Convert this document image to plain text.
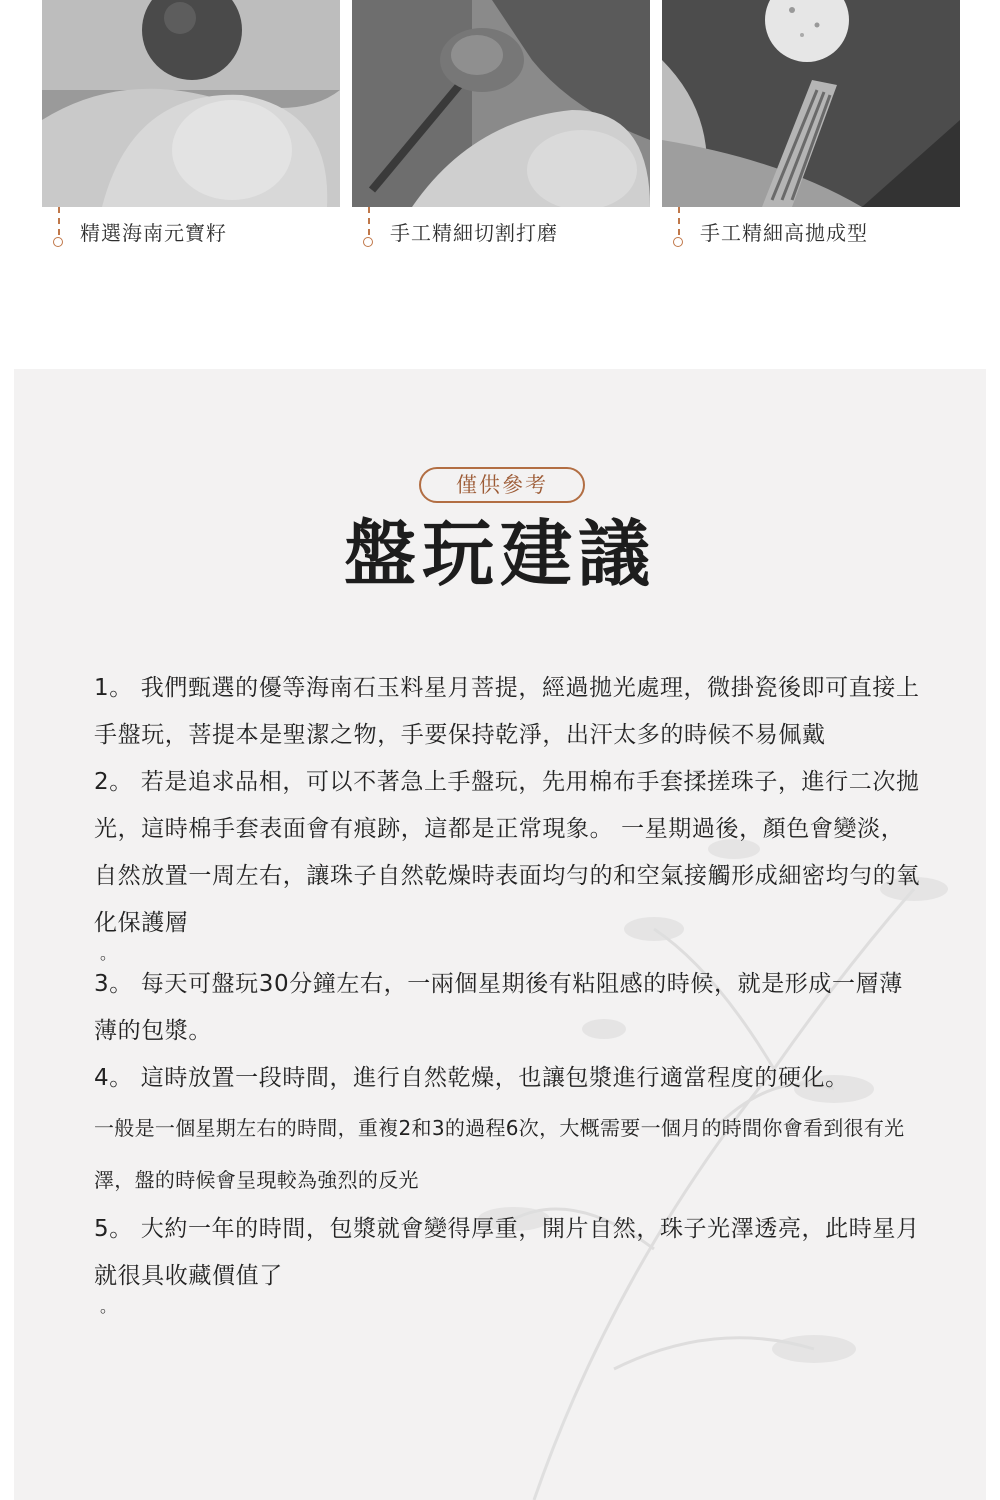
精選海南元寶籽	手工精細切割打磨	手工精細高拋成型
僅供參考
盤玩建議

1。 我們甄選的優等海南石玉料星月菩提，經過拋光處理，微掛瓷後即可直接上手盤玩，菩提本是聖潔之物，手要保持乾淨，出汗太多的時候不易佩戴

2。 若是追求品相，可以不著急上手盤玩，先用棉布手套揉搓珠子，進行二次拋光，這時棉手套表面會有痕跡，這都是正常現象。 一星期過後，顏色會變淡，自然放置一周左右，讓珠子自然乾燥時表面均勻的和空氣接觸形成細密均勻的氧化保護層

。

3。 每天可盤玩30分鐘左右，一兩個星期後有粘阻感的時候，就是形成一層薄薄的包漿。

4。 這時放置一段時間，進行自然乾燥，也讓包漿進行適當程度的硬化。

一般是一個星期左右的時間，重複2和3的過程6次，大概需要一個月的時間你會看到很有光澤，盤的時候會呈現較為強烈的反光

5。 大約一年的時間，包漿就會變得厚重，開片自然，珠子光澤透亮，此時星月就很具收藏價值了

。
